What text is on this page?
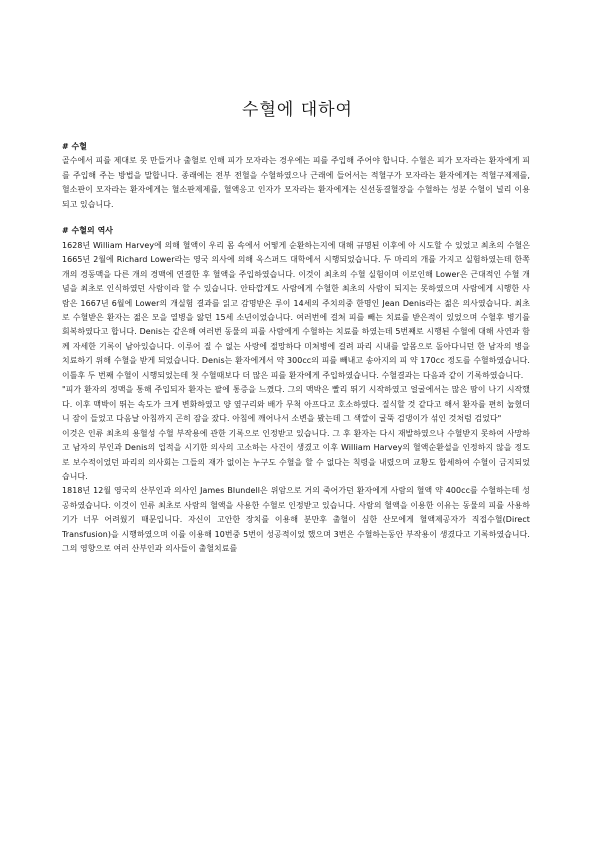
수혈에 대하여

# 수혈

골수에서 피를 제대로 못 만들거나 출혈로 인해 피가 모자라는 경우에는 피를 주입해 주어야 합니다. 수혈은 피가 모자라는 환자에게 피를 주입해 주는 방법을 말합니다. 종래에는 전부 전혈을 수혈하였으나 근래에 들어서는 적혈구가 모자라는 환자에게는 적혈구제제를, 혈소판이 모자라는 환자에게는 혈소판제제를, 혈액응고 인자가 모자라는 환자에게는 신선동결혈장을 수혈하는 성분 수혈이 널리 이용되고 있습니다.

# 수혈의 역사

1628년 William Harvey에 의해 혈액이 우리 몸 속에서 어떻게 순환하는지에 대해 규명된 이후에 아 시도할 수 있었고 최초의 수혈은 1665년 2월에 Richard Lower라는 영국 의사에 의해 옥스퍼드 대학에서 시행되었습니다. 두 마리의 개를 가지고 실험하였는데 한쪽 개의 경동맥을 다른 개의 경맥에 연결한 후 혈액을 주입하였습니다. 이것이 최초의 수혈 실험이며 이로인해 Lower은 근대적인 수혈 개념을 최초로 인식하였던 사람이라 할 수 있습니다. 안타깝게도 사람에게 수혈한 최초의 사람이 되지는 못하였으며 사람에게 시행한 사람은 1667년 6월에 Lower의 개실험 결과를 읽고 감명받은 루이 14세의 주치의중 한명인 Jean Denis라는 젊은 의사였습니다. 최초로 수혈받은 환자는 젊은 모을 열병을 앓던 15세 소년이었습니다. 여러번에 걸쳐 피를 빼는 치료를 받은적이 있었으며 수혈후 병기를 회복하였다고 합니다. Denis는 같은해 여러번 동물의 피를 사람에게 수혈하는 치료를 하였는데 5번째로 시행된 수혈에 대해 사연과 함께 자세한 기록이 남아있습니다. 이루어 질 수 없는 사랑에 절망하다 미쳐병에 걸려 파리 시내를 알몸으로 돌아다니던 한 남자의 병을 치료하기 위해 수혈을 받게 되었습니다. Denis는 환자에게서 약 300cc의 피를 빼내고 송아지의 피 약 170cc 정도를 수혈하였습니다. 이틀후 두 번째 수혈이 시행되었는데 첫 수혈때보다 더 많은 피를 환자에게 주입하였습니다. 수혈결과는 다음과 같이 기록하였습니다.

"피가 환자의 정맥을 통해 주입되자 환자는 팔에 통증을 느꼈다. 그의 맥박은 빨리 뛰기 시작하였고 얼굴에서는 많은 땀이 나기 시작했다. 이후 맥박이 뛰는 속도가 크게 변화하였고 양 옆구리와 배가 무척 아프다고 호소하였다. 질식할 것 같다고 해서 환자를 편히 눕혔더니 잠이 들었고 다음날 아침까지 곤히 잠을 잤다. 아침에 깨어나서 소변을 봤는데 그 색깔이 굴뚝 검댕이가 섞인 것처럼 검었다"

이것은 인류 최초의 용혈성 수혈 부작용에 관한 기록으로 인정받고 있습니다. 그 후 환자는 다시 재발하였으나 수혈받지 못하여 사망하고 남자의 부인과 Denis의 업적을 시기한 의사의 고소하는 사건이 생겼고 이후 William Harvey의 혈액순환설을 인정하지 않을 정도로 보수적이었던 파리의 의사회는 그들의 재가 없이는 누구도 수혈을 할 수 없다는 칙령을 내렸으며 교황도 합세하여 수혈이 금지되었습니다.

1818년 12월 영국의 산부인과 의사인 James Blundell은 위암으로 거의 죽어가던 환자에게 사람의 혈액 약 400cc를 수혈하는데 성공하였습니다. 이것이 인류 최초로 사람의 혈액을 사용한 수혈로 인정받고 있습니다. 사람의 혈액을 이용한 이유는 동물의 피를 사용하기가 너무 어려웠기 때문입니다. 자신이 고안한 장치를 이용해 분만후 출혈이 심한 산모에게 혈액제공자가 직접수혈(Direct Transfusion)을 시행하였으며 이를 이용해 10번중 5번이 성공적이었 했으며 3번은 수혈하는동안 부작용이 생겼다고 기록하였습니다. 그의 영향으로 여러 산부인과 의사들이 출혈치료를
